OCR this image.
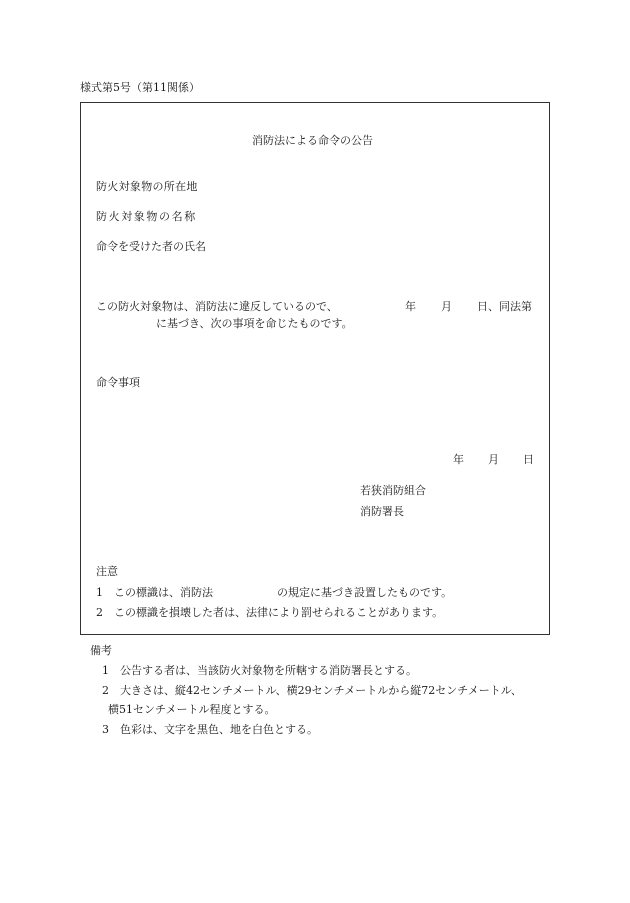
様式第5号（第11関係）
消防法による命令の公告
防火対象物の所在地
防火対象物の名称
命令を受けた者の氏名
この防火対象物は、消防法に違反しているので、	年 月 日、同法第
に基づき、次の事項を命じたものです。
命令事項
年 月 日
若狭消防組合
消防署長
注意
1 この標識は、消防法	の規定に基づき設置したものです。
2 この標識を損壊した者は、法律により罰せられることがあります。
備考
1 公告する者は、当該防火対象物を所轄する消防署長とする。
2 大きさは、縦42センチメートル、横29センチメートルから縦72センチメートル、
横51センチメートル程度とする。
3 色彩は、文字を黒色、地を白色とする。
